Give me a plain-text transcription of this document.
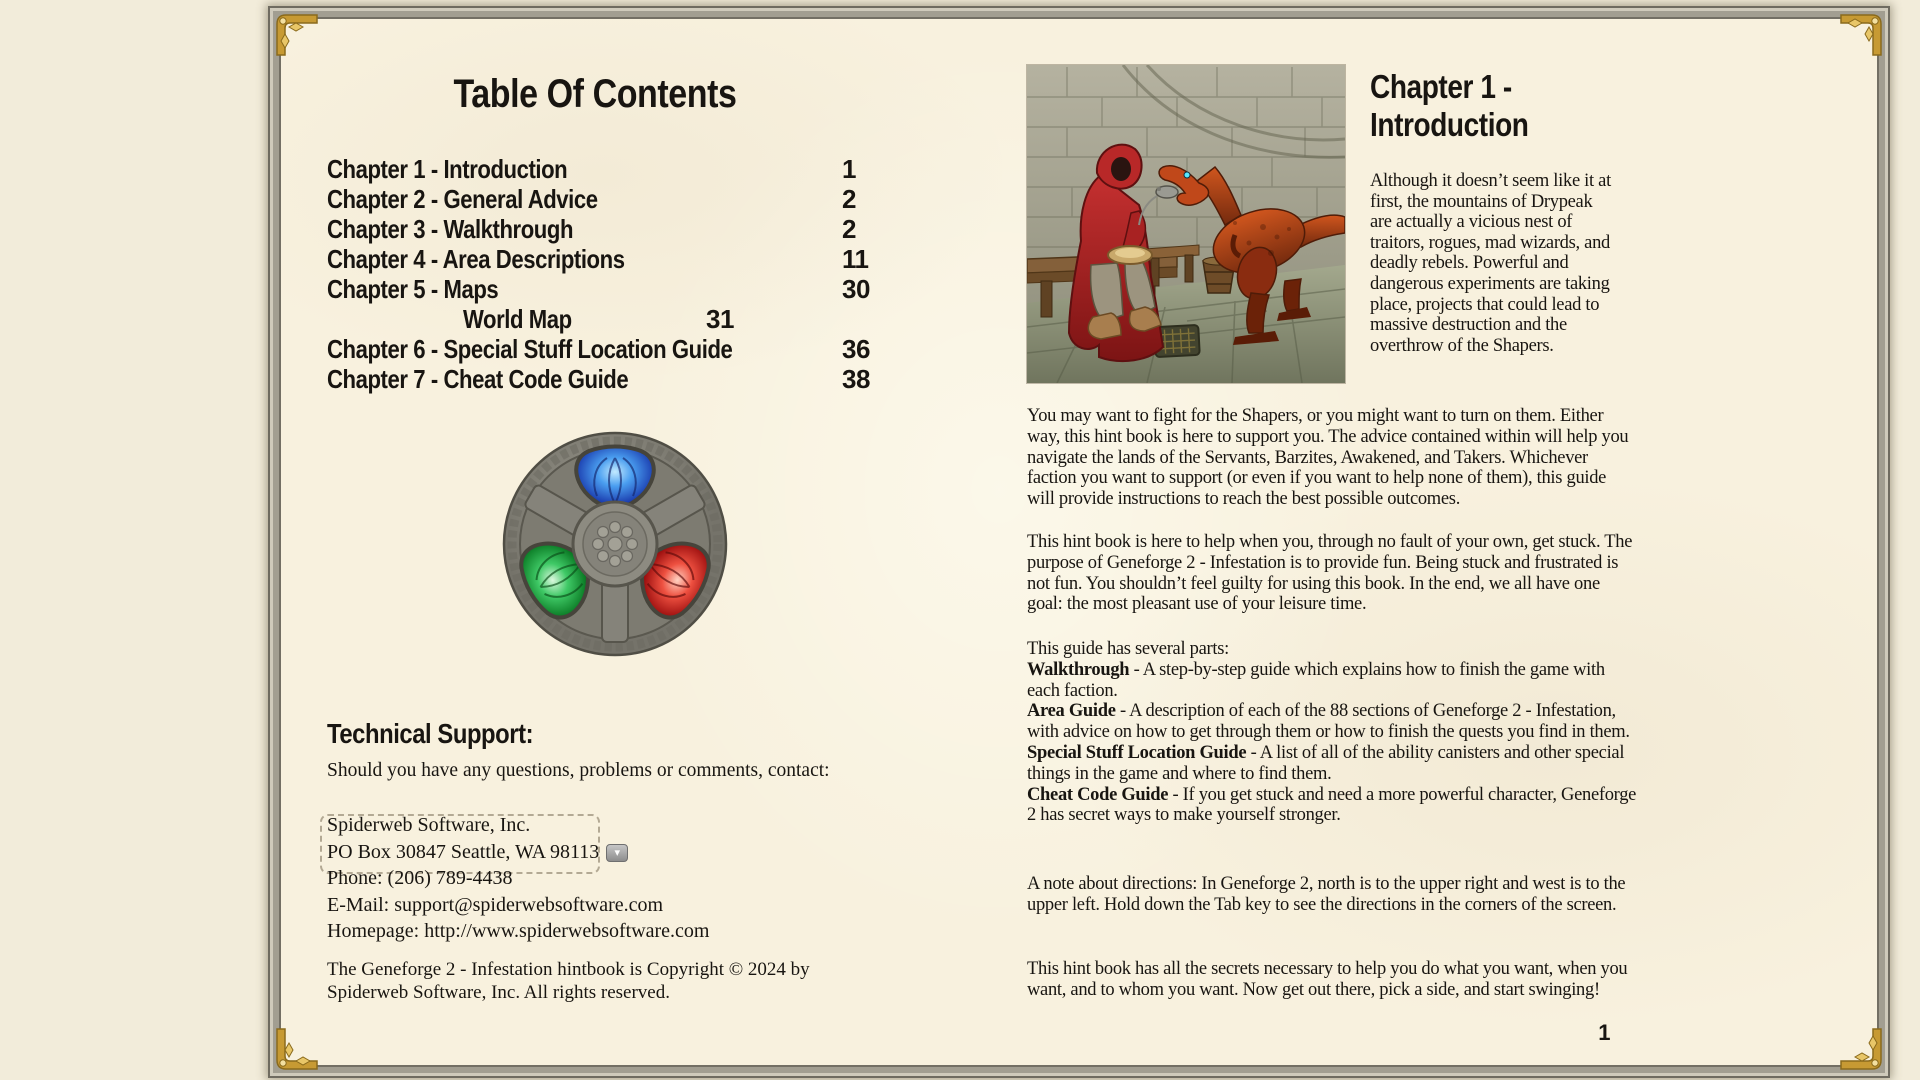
Table Of Contents
Chapter 1 - Introduction	1
Chapter 2 - General Advice	2
Chapter 3 - Walkthrough	2
Chapter 4 - Area Descriptions	11
Chapter 5 - Maps	30
World Map	31
Chapter 6 - Special Stuff Location Guide	36
Chapter 7 - Cheat Code Guide	38
Technical Support:
Should you have any questions, problems or comments, contact:
Spiderweb Software, Inc.
PO Box 30847 Seattle, WA 98113 ▾
Phone: (206) 789-4438
E-Mail: support@spiderwebsoftware.com
Homepage: http://www.spiderwebsoftware.com
The Geneforge 2 - Infestation hintbook is Copyright © 2024 by Spiderweb Software, Inc. All rights reserved.
Chapter 1 -
Introduction
Although it doesn’t seem like it at first, the mountains of Drypeak are actually a vicious nest of traitors, rogues, mad wizards, and deadly rebels. Powerful and dangerous experiments are taking place, projects that could lead to massive destruction and the overthrow of the Shapers.
You may want to fight for the Shapers, or you might want to turn on them. Either way, this hint book is here to support you. The advice contained within will help you navigate the lands of the Servants, Barzites, Awakened, and Takers. Whichever faction you want to support (or even if you want to help none of them), this guide will provide instructions to reach the best possible outcomes.
This hint book is here to help when you, through no fault of your own, get stuck. The purpose of Geneforge 2 - Infestation is to provide fun. Being stuck and frustrated is not fun. You shouldn’t feel guilty for using this book. In the end, we all have one goal: the most pleasant use of your leisure time.
This guide has several parts:
Walkthrough - A step-by-step guide which explains how to finish the game with each faction.
Area Guide - A description of each of the 88 sections of Geneforge 2 - Infestation, with advice on how to get through them or how to finish the quests you find in them.
Special Stuff Location Guide - A list of all of the ability canisters and other special things in the game and where to find them.
Cheat Code Guide - If you get stuck and need a more powerful character, Geneforge 2 has secret ways to make yourself stronger.
A note about directions: In Geneforge 2, north is to the upper right and west is to the upper left. Hold down the Tab key to see the directions in the corners of the screen.
This hint book has all the secrets necessary to help you do what you want, when you want, and to whom you want. Now get out there, pick a side, and start swinging!
1
